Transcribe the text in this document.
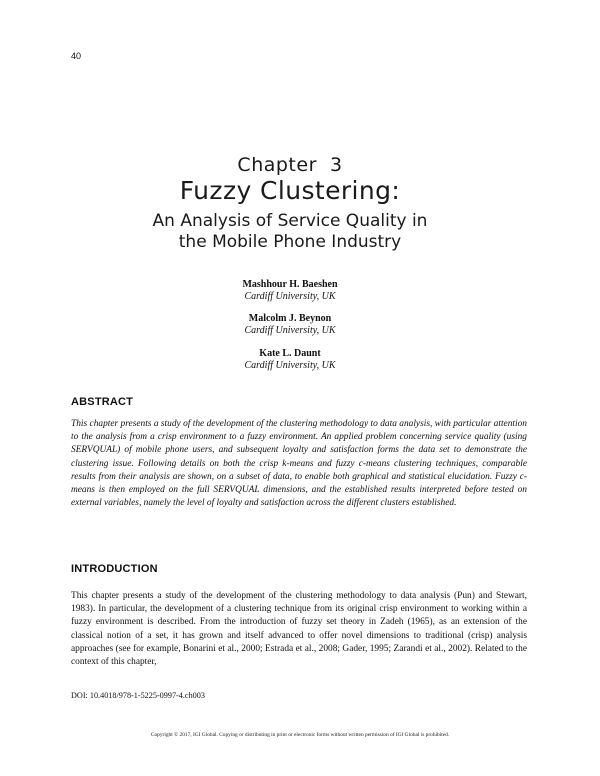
40
Chapter  3
Fuzzy Clustering:
An Analysis of Service Quality in
the Mobile Phone Industry
Mashhour H. Baeshen
Cardiff University, UK
Malcolm J. Beynon
Cardiff University, UK
Kate L. Daunt
Cardiff University, UK
ABSTRACT

This chapter presents a study of the development of the clustering methodology to data analysis, with particular attention to the analysis from a crisp environment to a fuzzy environment. An applied problem concerning service quality (using SERVQUAL) of mobile phone users, and subsequent loyalty and satisfaction forms the data set to demonstrate the clustering issue. Following details on both the crisp k-means and fuzzy c-means clustering techniques, comparable results from their analysis are shown, on a subset of data, to enable both graphical and statistical elucidation. Fuzzy c-means is then employed on the full SERVQUAL dimensions, and the established results interpreted before tested on external variables, namely the level of loyalty and satisfaction across the different clusters established.

INTRODUCTION

This chapter presents a study of the development of the clustering methodology to data analysis (Pun) and Stewart, 1983). In particular, the development of a clustering technique from its original crisp environment to working within a fuzzy environment is described. From the introduction of fuzzy set theory in Zadeh (1965), as an extension of the classical notion of a set, it has grown and itself advanced to offer novel dimensions to traditional (crisp) analysis approaches (see for example, Bonarini et al., 2000; Estrada et al., 2008; Gader, 1995; Zarandi et al., 2002). Related to the context of this chapter,

DOI: 10.4018/978-1-5225-0997-4.ch003
Copyright © 2017, IGI Global. Copying or distributing in print or electronic forms without written permission of IGI Global is prohibited.
